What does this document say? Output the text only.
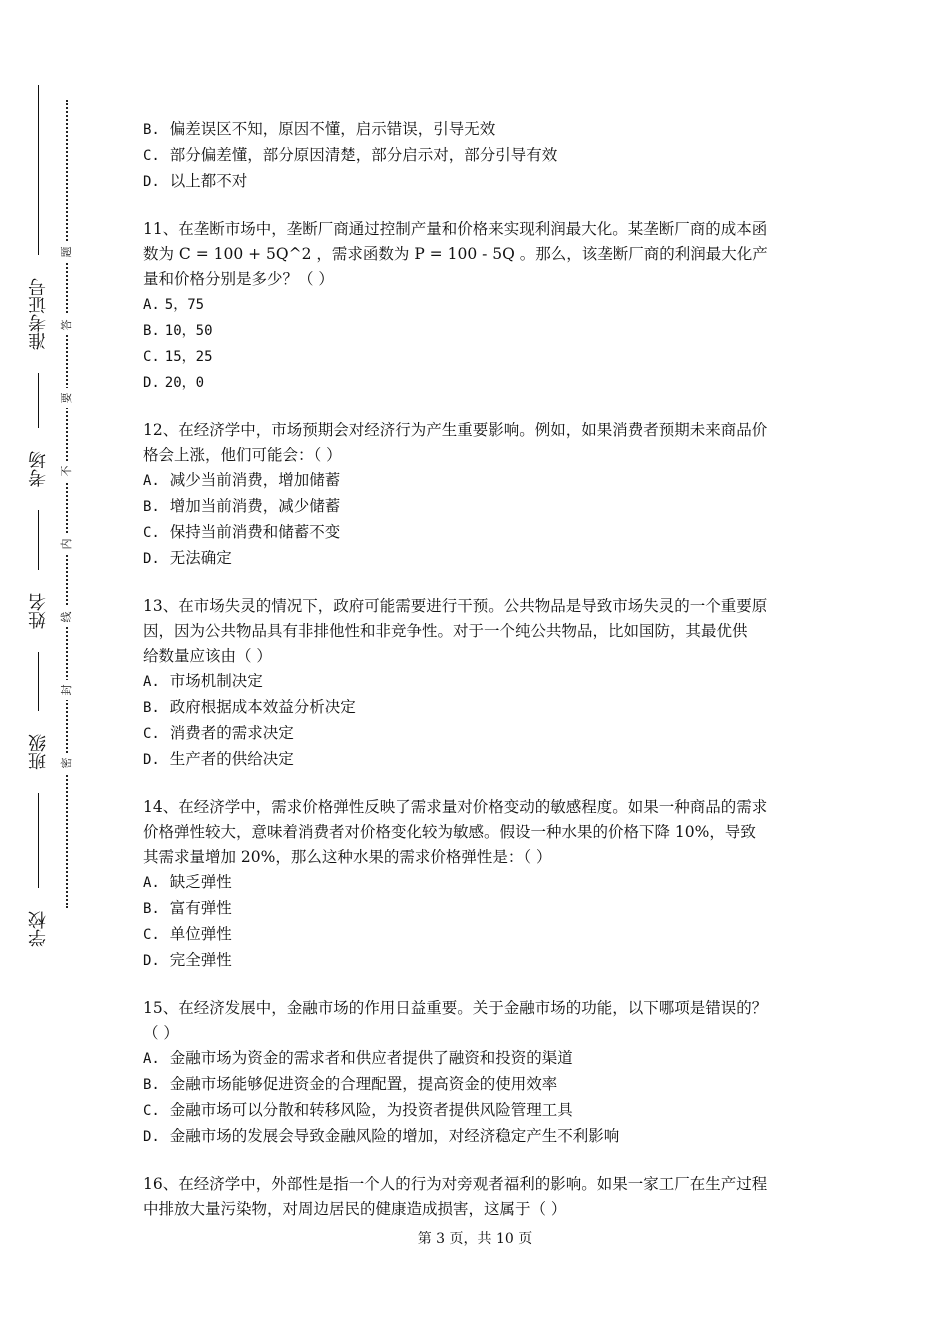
准考证号
考场
姓名
班级
学校
题
答
要
不
内
线
封
密
B. 偏差误区不知，原因不懂，启示错误，引导无效
C. 部分偏差懂，部分原因清楚，部分启示对，部分引导有效
D. 以上都不对
11、在垄断市场中，垄断厂商通过控制产量和价格来实现利润最大化。某垄断厂商的成本函
数为 C = 100 + 5Q^2 ，需求函数为 P = 100 - 5Q 。那么，该垄断厂商的利润最大化产
量和价格分别是多少？（ ）
A. 5，75
B. 10，50
C. 15，25
D. 20，0
12、在经济学中，市场预期会对经济行为产生重要影响。例如，如果消费者预期未来商品价
格会上涨，他们可能会：（ ）
A. 减少当前消费，增加储蓄
B. 增加当前消费，减少储蓄
C. 保持当前消费和储蓄不变
D. 无法确定
13、在市场失灵的情况下，政府可能需要进行干预。公共物品是导致市场失灵的一个重要原
因，因为公共物品具有非排他性和非竞争性。对于一个纯公共物品，比如国防，其最优供
给数量应该由（ ）
A. 市场机制决定
B. 政府根据成本效益分析决定
C. 消费者的需求决定
D. 生产者的供给决定
14、在经济学中，需求价格弹性反映了需求量对价格变动的敏感程度。如果一种商品的需求
价格弹性较大，意味着消费者对价格变化较为敏感。假设一种水果的价格下降 10%，导致
其需求量增加 20%，那么这种水果的需求价格弹性是：（ ）
A. 缺乏弹性
B. 富有弹性
C. 单位弹性
D. 完全弹性
15、在经济发展中，金融市场的作用日益重要。关于金融市场的功能，以下哪项是错误的？
（ ）
A. 金融市场为资金的需求者和供应者提供了融资和投资的渠道
B. 金融市场能够促进资金的合理配置，提高资金的使用效率
C. 金融市场可以分散和转移风险，为投资者提供风险管理工具
D. 金融市场的发展会导致金融风险的增加，对经济稳定产生不利影响
16、在经济学中，外部性是指一个人的行为对旁观者福利的影响。如果一家工厂在生产过程
中排放大量污染物，对周边居民的健康造成损害，这属于（ ）
第 3 页，共 10 页
